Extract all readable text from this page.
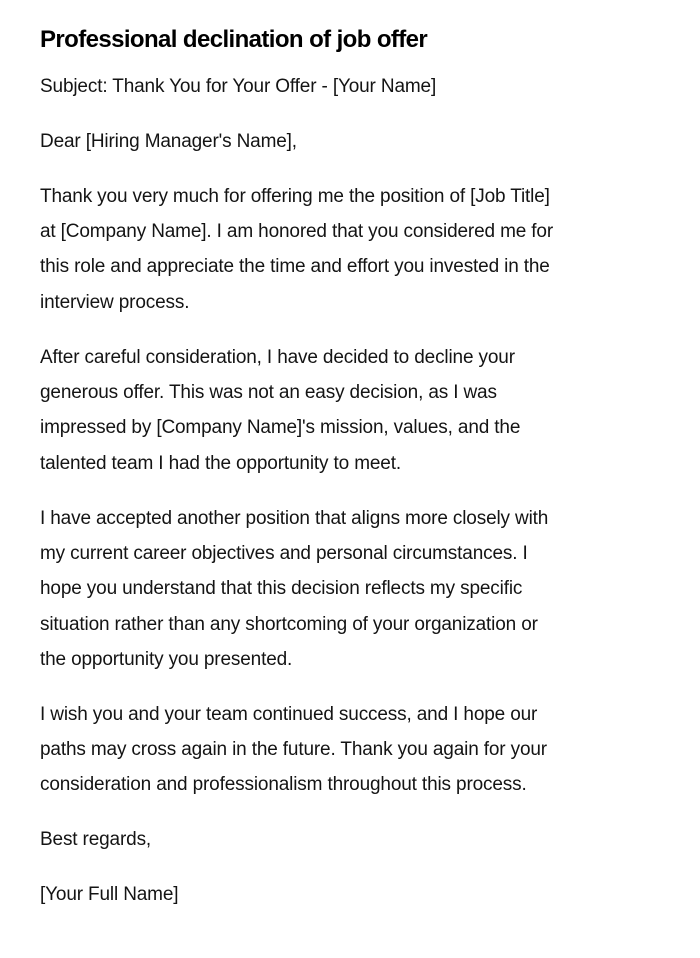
Professional declination of job offer

Subject: Thank You for Your Offer - [Your Name]

Dear [Hiring Manager's Name],

Thank you very much for offering me the position of [Job Title]
at [Company Name]. I am honored that you considered me for
this role and appreciate the time and effort you invested in the
interview process.

After careful consideration, I have decided to decline your
generous offer. This was not an easy decision, as I was
impressed by [Company Name]'s mission, values, and the
talented team I had the opportunity to meet.

I have accepted another position that aligns more closely with
my current career objectives and personal circumstances. I
hope you understand that this decision reflects my specific
situation rather than any shortcoming of your organization or
the opportunity you presented.

I wish you and your team continued success, and I hope our
paths may cross again in the future. Thank you again for your
consideration and professionalism throughout this process.

Best regards,

[Your Full Name]
